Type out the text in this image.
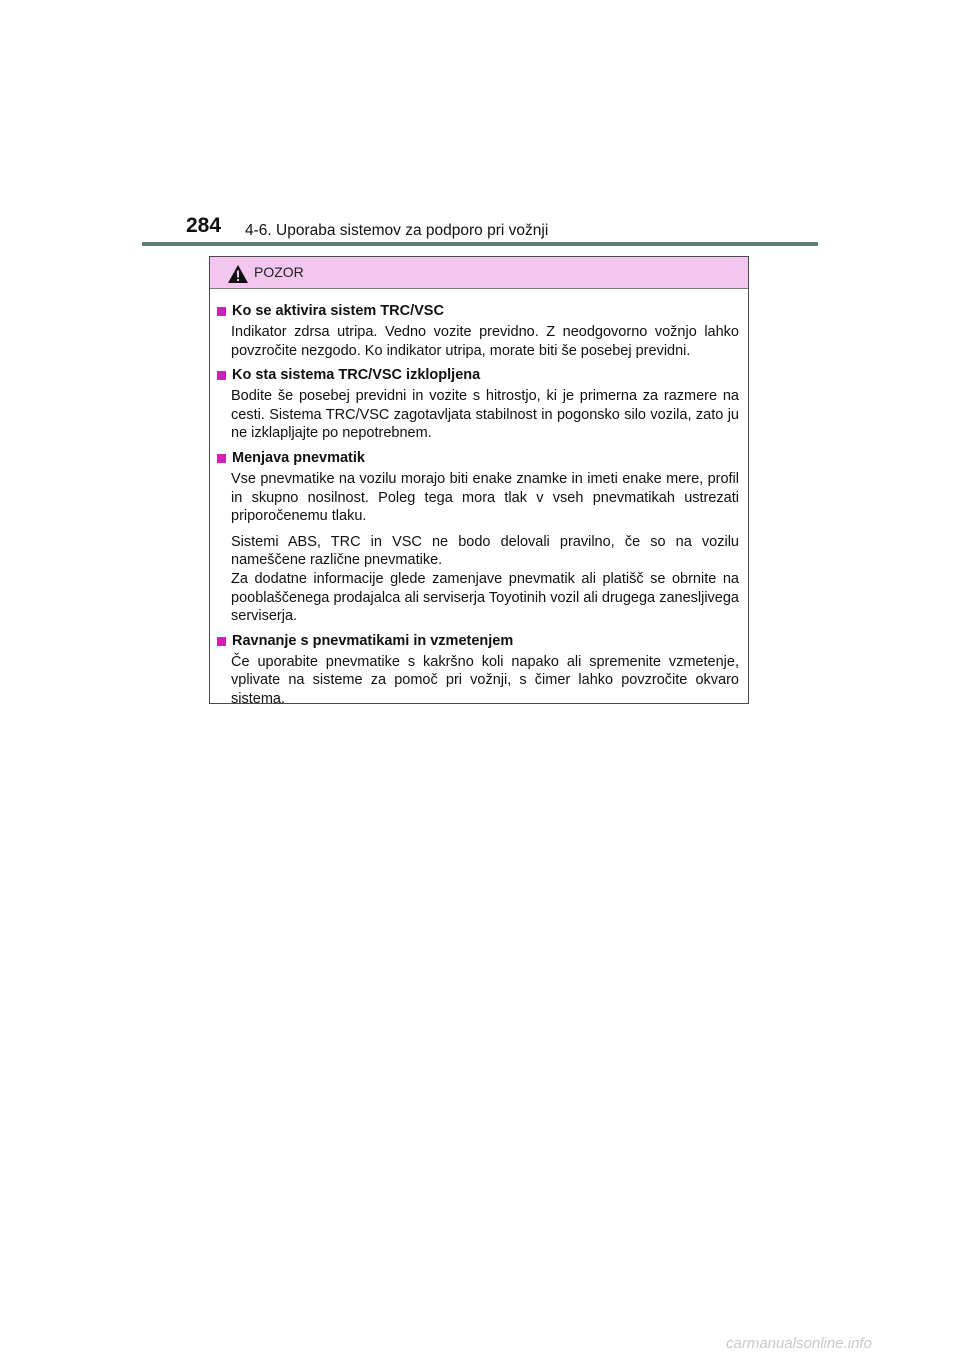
284 4-6. Uporaba sistemov za podporo pri vožnji
POZOR
Ko se aktivira sistem TRC/VSC
Indikator zdrsa utripa. Vedno vozite previdno. Z neodgovorno vožnjo lahko povzročite nezgodo. Ko indikator utripa, morate biti še posebej previdni.
Ko sta sistema TRC/VSC izklopljena
Bodite še posebej previdni in vozite s hitrostjo, ki je primerna za razmere na cesti. Sistema TRC/VSC zagotavljata stabilnost in pogonsko silo vozila, zato ju ne izklapljajte po nepotrebnem.
Menjava pnevmatik
Vse pnevmatike na vozilu morajo biti enake znamke in imeti enake mere, profil in skupno nosilnost. Poleg tega mora tlak v vseh pnevmatikah ustrezati priporočenemu tlaku.
Sistemi ABS, TRC in VSC ne bodo delovali pravilno, če so na vozilu nameščene različne pnevmatike.
Za dodatne informacije glede zamenjave pnevmatik ali platišč se obrnite na pooblaščenega prodajalca ali serviserja Toyotinih vozil ali drugega zanesljivega serviserja.
Ravnanje s pnevmatikami in vzmetenjem
Če uporabite pnevmatike s kakršno koli napako ali spremenite vzmetenje, vplivate na sisteme za pomoč pri vožnji, s čimer lahko povzročite okvaro sistema.
carmanualsonline.info
